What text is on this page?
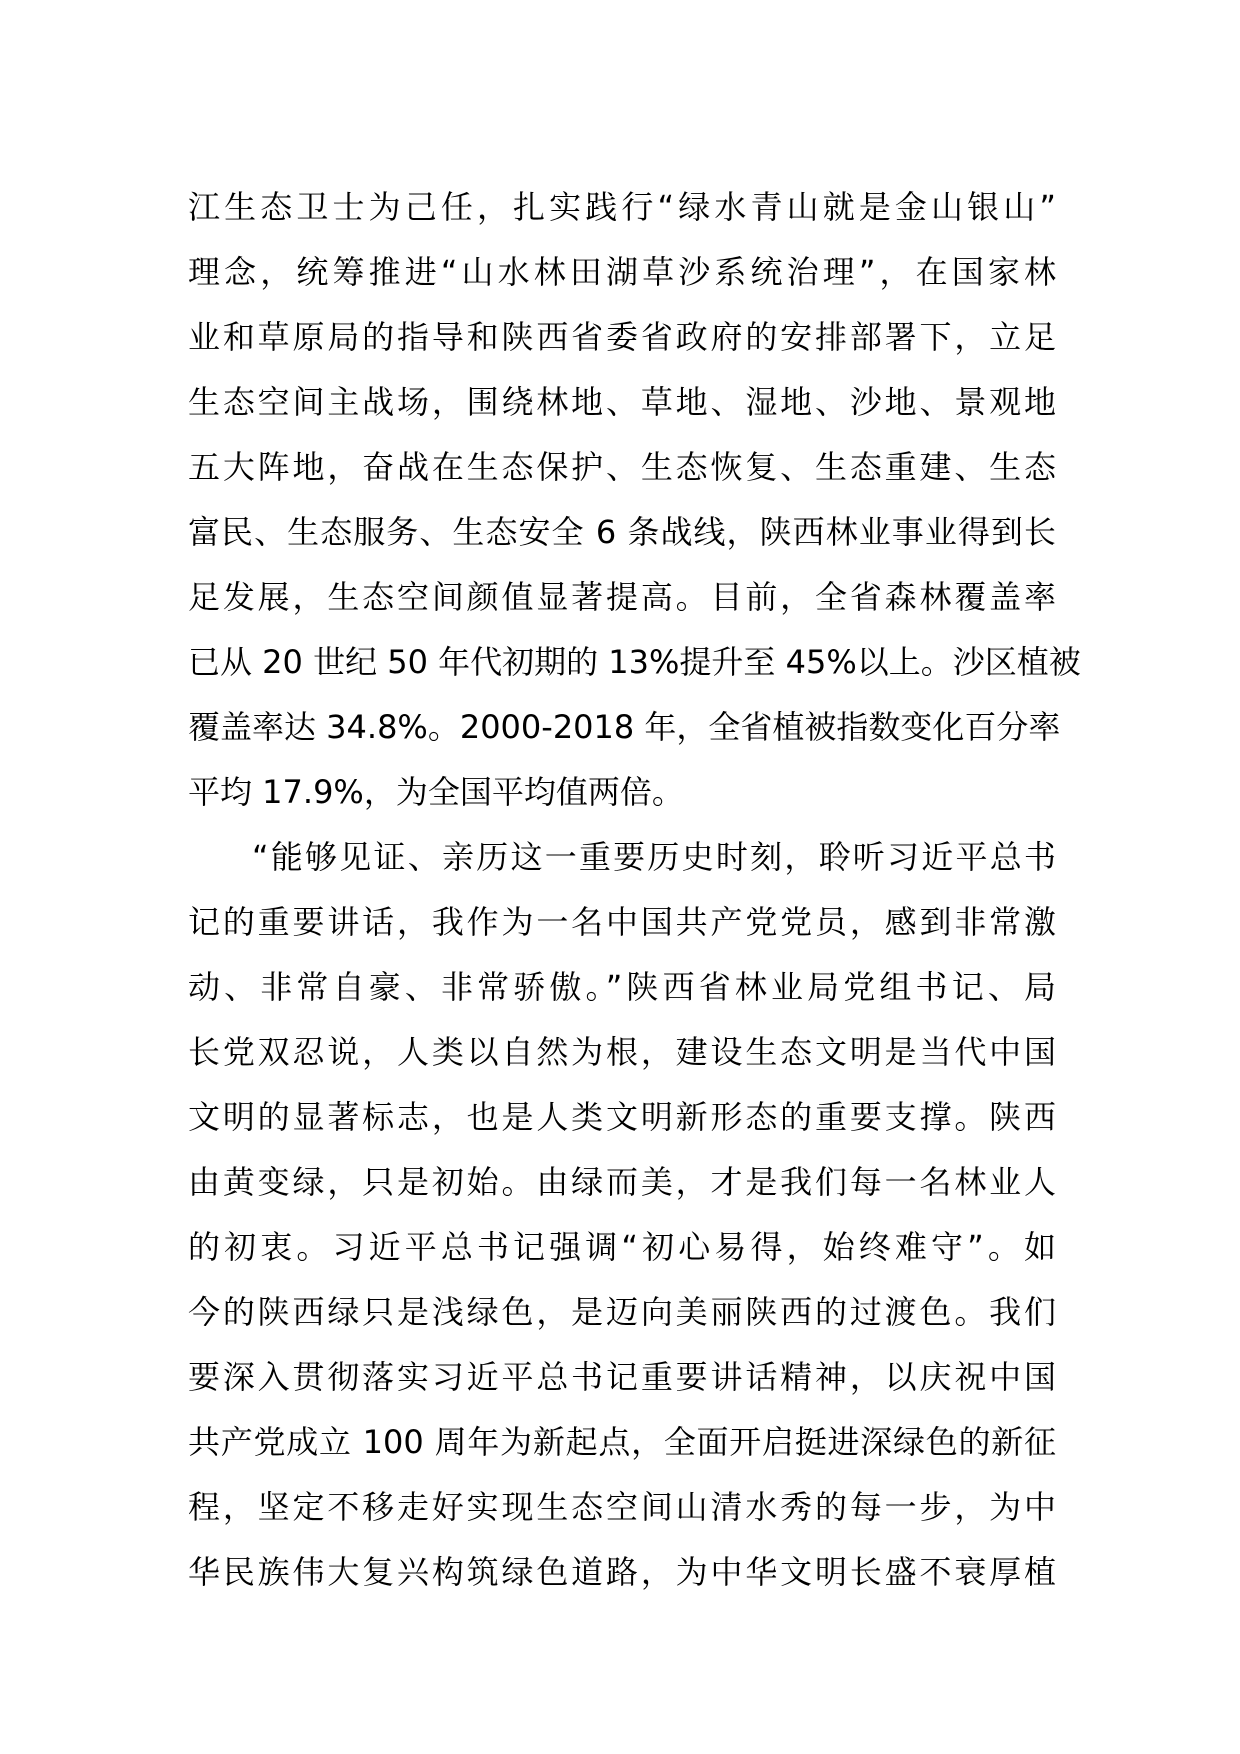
江生态卫士为己任，扎实践行“绿水青山就是金山银山”
理念，统筹推进“山水林田湖草沙系统治理”，在国家林
业和草原局的指导和陕西省委省政府的安排部署下，立足
生态空间主战场，围绕林地、草地、湿地、沙地、景观地
五大阵地，奋战在生态保护、生态恢复、生态重建、生态
富民、生态服务、生态安全 6 条战线，陕西林业事业得到长
足发展，生态空间颜值显著提高。目前，全省森林覆盖率
已从 20 世纪 50 年代初期的 13%提升至 45%以上。沙区植被
覆盖率达 34.8%。2000-2018 年，全省植被指数变化百分率
平均 17.9%，为全国平均值两倍。
“能够见证、亲历这一重要历史时刻，聆听习近平总书
记的重要讲话，我作为一名中国共产党党员，感到非常激
动、非常自豪、非常骄傲。”陕西省林业局党组书记、局
长党双忍说，人类以自然为根，建设生态文明是当代中国
文明的显著标志，也是人类文明新形态的重要支撑。陕西
由黄变绿，只是初始。由绿而美，才是我们每一名林业人
的初衷。习近平总书记强调“初心易得，始终难守”。如
今的陕西绿只是浅绿色，是迈向美丽陕西的过渡色。我们
要深入贯彻落实习近平总书记重要讲话精神，以庆祝中国
共产党成立 100 周年为新起点，全面开启挺进深绿色的新征
程，坚定不移走好实现生态空间山清水秀的每一步，为中
华民族伟大复兴构筑绿色道路，为中华文明长盛不衰厚植
